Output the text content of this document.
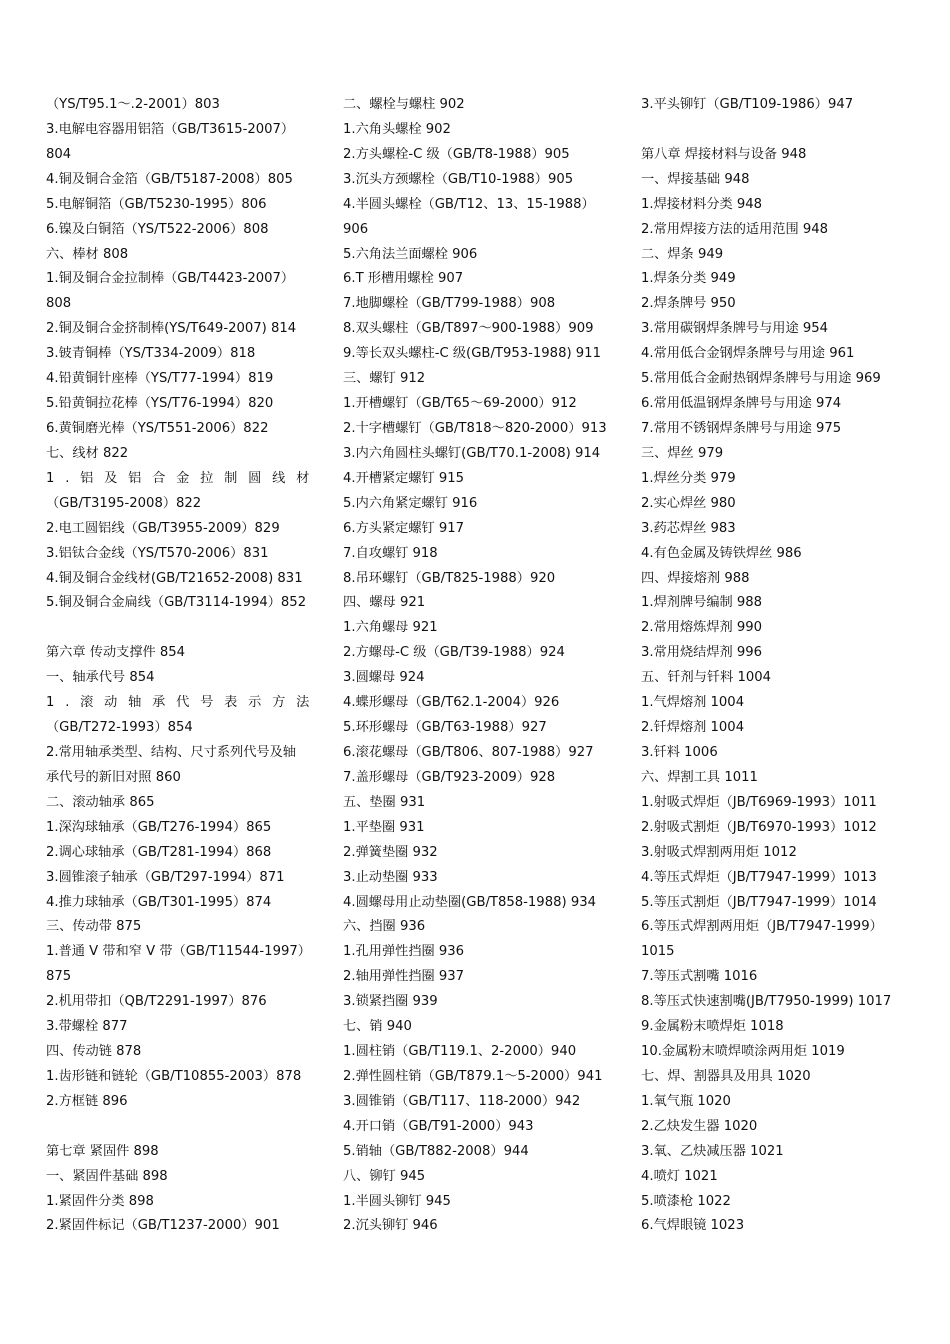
（YS/T95.1～.2-2001）803
3.电解电容器用铝箔（GB/T3615-2007）
804
4.铜及铜合金箔（GB/T5187-2008）805
5.电解铜箔（GB/T5230-1995）806
6.镍及白铜箔（YS/T522-2006）808
六、棒材 808
1.铜及铜合金拉制棒（GB/T4423-2007）
808
2.铜及铜合金挤制棒(YS/T649-2007) 814
3.铍青铜棒（YS/T334-2009）818
4.铅黄铜针座棒（YS/T77-1994）819
5.铅黄铜拉花棒（YS/T76-1994）820
6.黄铜磨光棒（YS/T551-2006）822
七、线材 822
1.铝及铝合金拉制圆线材
（GB/T3195-2008）822
2.电工圆铝线（GB/T3955-2009）829
3.铝钛合金线（YS/T570-2006）831
4.铜及铜合金线材(GB/T21652-2008) 831
5.铜及铜合金扁线（GB/T3114-1994）852
第六章 传动支撑件 854
一、轴承代号 854
1.滚动轴承代号表示方法
（GB/T272-1993）854
2.常用轴承类型、结构、尺寸系列代号及轴
承代号的新旧对照 860
二、滚动轴承 865
1.深沟球轴承（GB/T276-1994）865
2.调心球轴承（GB/T281-1994）868
3.圆锥滚子轴承（GB/T297-1994）871
4.推力球轴承（GB/T301-1995）874
三、传动带 875
1.普通 V 带和窄 V 带（GB/T11544-1997）
875
2.机用带扣（QB/T2291-1997）876
3.带螺栓 877
四、传动链 878
1.齿形链和链轮（GB/T10855-2003）878
2.方框链 896
第七章 紧固件 898
一、紧固件基础 898
1.紧固件分类 898
2.紧固件标记（GB/T1237-2000）901
二、螺栓与螺柱 902
1.六角头螺栓 902
2.方头螺栓-C 级（GB/T8-1988）905
3.沉头方颈螺栓（GB/T10-1988）905
4.半圆头螺栓（GB/T12、13、15-1988）
906
5.六角法兰面螺栓 906
6.T 形槽用螺栓 907
7.地脚螺栓（GB/T799-1988）908
8.双头螺柱（GB/T897～900-1988）909
9.等长双头螺柱-C 级(GB/T953-1988) 911
三、螺钉 912
1.开槽螺钉（GB/T65～69-2000）912
2.十字槽螺钉（GB/T818～820-2000）913
3.内六角圆柱头螺钉(GB/T70.1-2008) 914
4.开槽紧定螺钉 915
5.内六角紧定螺钉 916
6.方头紧定螺钉 917
7.自攻螺钉 918
8.吊环螺钉（GB/T825-1988）920
四、螺母 921
1.六角螺母 921
2.方螺母-C 级（GB/T39-1988）924
3.圆螺母 924
4.蝶形螺母（GB/T62.1-2004）926
5.环形螺母（GB/T63-1988）927
6.滚花螺母（GB/T806、807-1988）927
7.盖形螺母（GB/T923-2009）928
五、垫圈 931
1.平垫圈 931
2.弹簧垫圈 932
3.止动垫圈 933
4.圆螺母用止动垫圈(GB/T858-1988) 934
六、挡圈 936
1.孔用弹性挡圈 936
2.轴用弹性挡圈 937
3.锁紧挡圈 939
七、销 940
1.圆柱销（GB/T119.1、2-2000）940
2.弹性圆柱销（GB/T879.1～5-2000）941
3.圆锥销（GB/T117、118-2000）942
4.开口销（GB/T91-2000）943
5.销轴（GB/T882-2008）944
八、铆钉 945
1.半圆头铆钉 945
2.沉头铆钉 946
3.平头铆钉（GB/T109-1986）947
第八章 焊接材料与设备 948
一、焊接基础 948
1.焊接材料分类 948
2.常用焊接方法的适用范围 948
二、焊条 949
1.焊条分类 949
2.焊条牌号 950
3.常用碳钢焊条牌号与用途 954
4.常用低合金钢焊条牌号与用途 961
5.常用低合金耐热钢焊条牌号与用途 969
6.常用低温钢焊条牌号与用途 974
7.常用不锈钢焊条牌号与用途 975
三、焊丝 979
1.焊丝分类 979
2.实心焊丝 980
3.药芯焊丝 983
4.有色金属及铸铁焊丝 986
四、焊接熔剂 988
1.焊剂牌号编制 988
2.常用熔炼焊剂 990
3.常用烧结焊剂 996
五、钎剂与钎料 1004
1.气焊熔剂 1004
2.钎焊熔剂 1004
3.钎料 1006
六、焊割工具 1011
1.射吸式焊炬（JB/T6969-1993）1011
2.射吸式割炬（JB/T6970-1993）1012
3.射吸式焊割两用炬 1012
4.等压式焊炬（JB/T7947-1999）1013
5.等压式割炬（JB/T7947-1999）1014
6.等压式焊割两用炬（JB/T7947-1999）
1015
7.等压式割嘴 1016
8.等压式快速割嘴(JB/T7950-1999) 1017
9.金属粉末喷焊炬 1018
10.金属粉末喷焊喷涂两用炬 1019
七、焊、割器具及用具 1020
1.氧气瓶 1020
2.乙炔发生器 1020
3.氧、乙炔减压器 1021
4.喷灯 1021
5.喷漆枪 1022
6.气焊眼镜 1023
